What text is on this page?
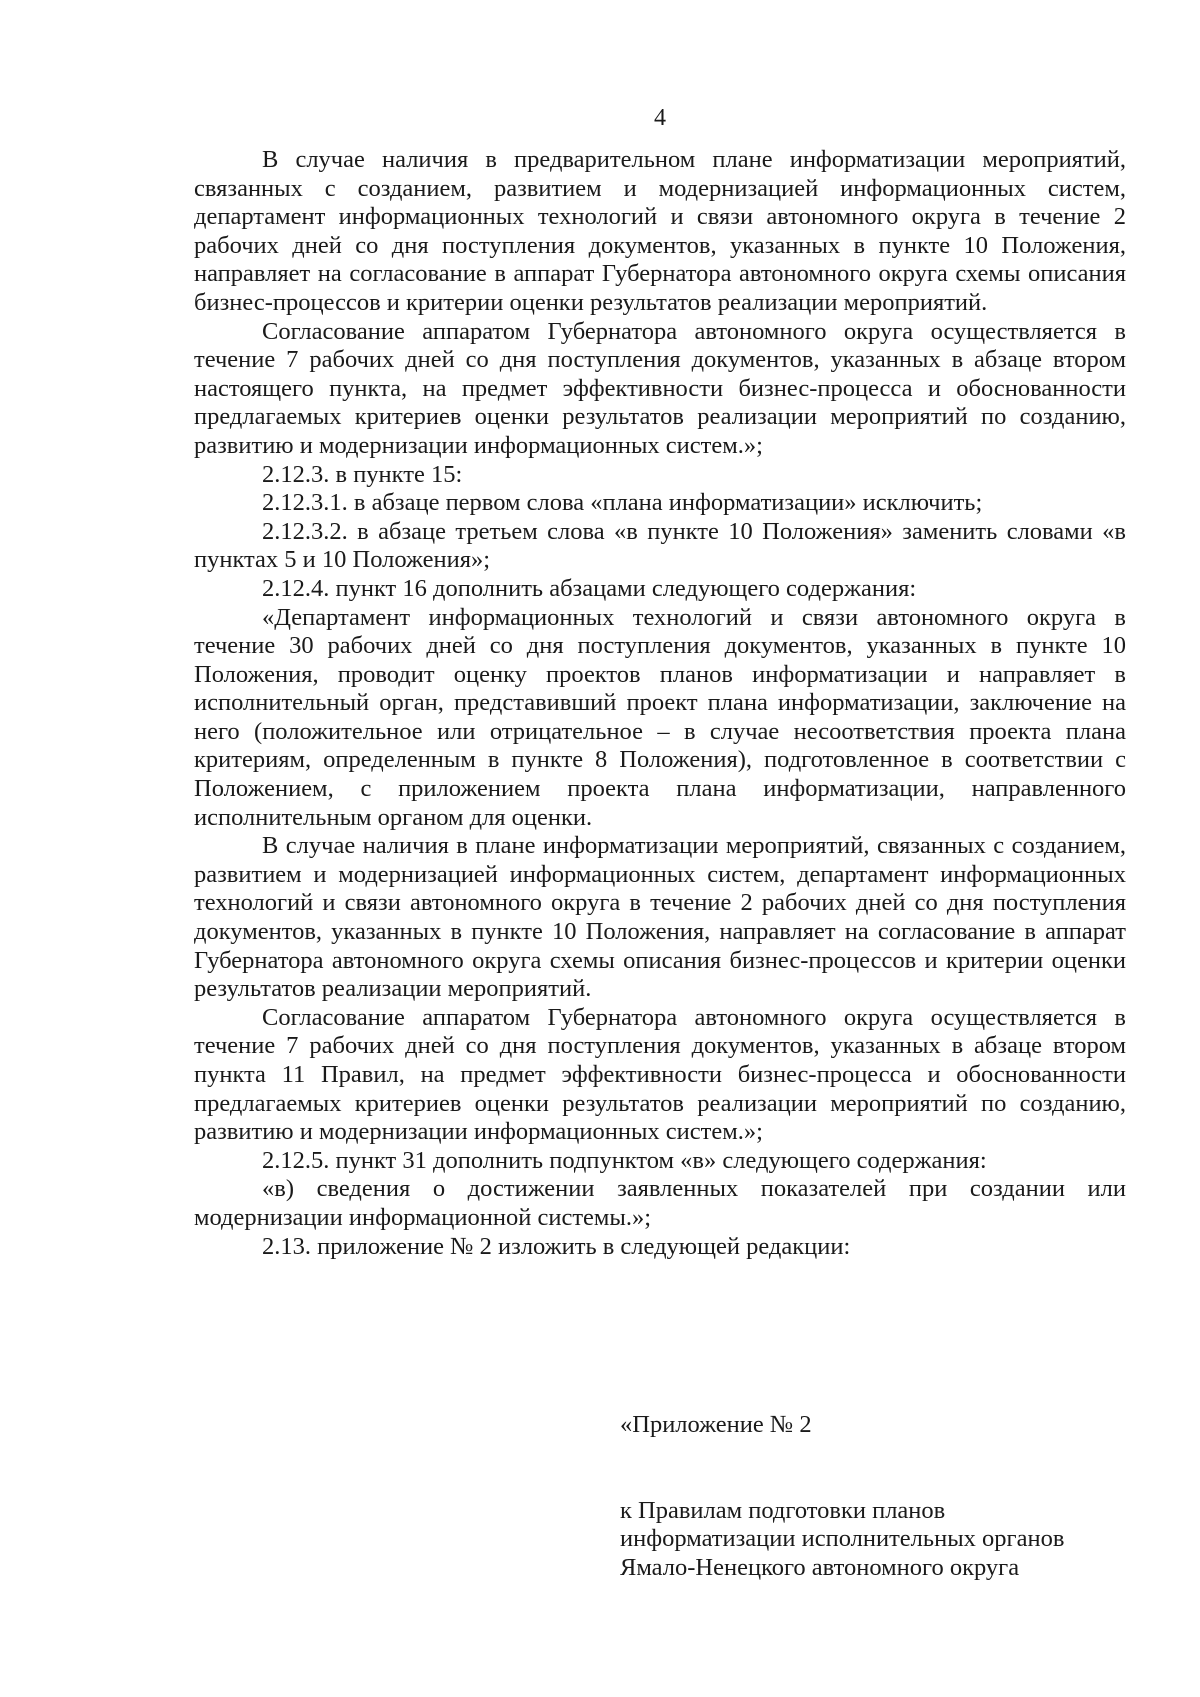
4

В случае наличия в предварительном плане информатизации мероприятий, связанных с созданием, развитием и модернизацией информационных систем, департамент информационных технологий и связи автономного округа в течение 2 рабочих дней со дня поступления документов, указанных в пункте 10 Положения, направляет на согласование в аппарат Губернатора автономного округа схемы описания бизнес-процессов и критерии оценки результатов реализации мероприятий.

Согласование аппаратом Губернатора автономного округа осуществляется в течение 7 рабочих дней со дня поступления документов, указанных в абзаце втором настоящего пункта, на предмет эффективности бизнес-процесса и обоснованности предлагаемых критериев оценки результатов реализации мероприятий по созданию, развитию и модернизации информационных систем.»;

2.12.3. в пункте 15:

2.12.3.1. в абзаце первом слова «плана информатизации» исключить;

2.12.3.2. в абзаце третьем слова «в пункте 10 Положения» заменить словами «в пунктах 5 и 10 Положения»;

2.12.4. пункт 16 дополнить абзацами следующего содержания:

«Департамент информационных технологий и связи автономного округа в течение 30 рабочих дней со дня поступления документов, указанных в пункте 10 Положения, проводит оценку проектов планов информатизации и направляет в исполнительный орган, представивший проект плана информатизации, заключение на него (положительное или отрицательное – в случае несоответствия проекта плана критериям, определенным в пункте 8 Положения), подготовленное в соответствии с Положением, с приложением проекта плана информатизации, направленного исполнительным органом для оценки.

В случае наличия в плане информатизации мероприятий, связанных с созданием, развитием и модернизацией информационных систем, департамент информационных технологий и связи автономного округа в течение 2 рабочих дней со дня поступления документов, указанных в пункте 10 Положения, направляет на согласование в аппарат Губернатора автономного округа схемы описания бизнес-процессов и критерии оценки результатов реализации мероприятий.

Согласование аппаратом Губернатора автономного округа осуществляется в течение 7 рабочих дней со дня поступления документов, указанных в абзаце втором пункта 11 Правил, на предмет эффективности бизнес-процесса и обоснованности предлагаемых критериев оценки результатов реализации мероприятий по созданию, развитию и модернизации информационных систем.»;

2.12.5. пункт 31 дополнить подпунктом «в» следующего содержания:

«в) сведения о достижении заявленных показателей при создании или модернизации информационной системы.»;

2.13. приложение № 2 изложить в следующей редакции:

«Приложение № 2

к Правилам подготовки планов

информатизации исполнительных органов

Ямало-Ненецкого автономного округа
